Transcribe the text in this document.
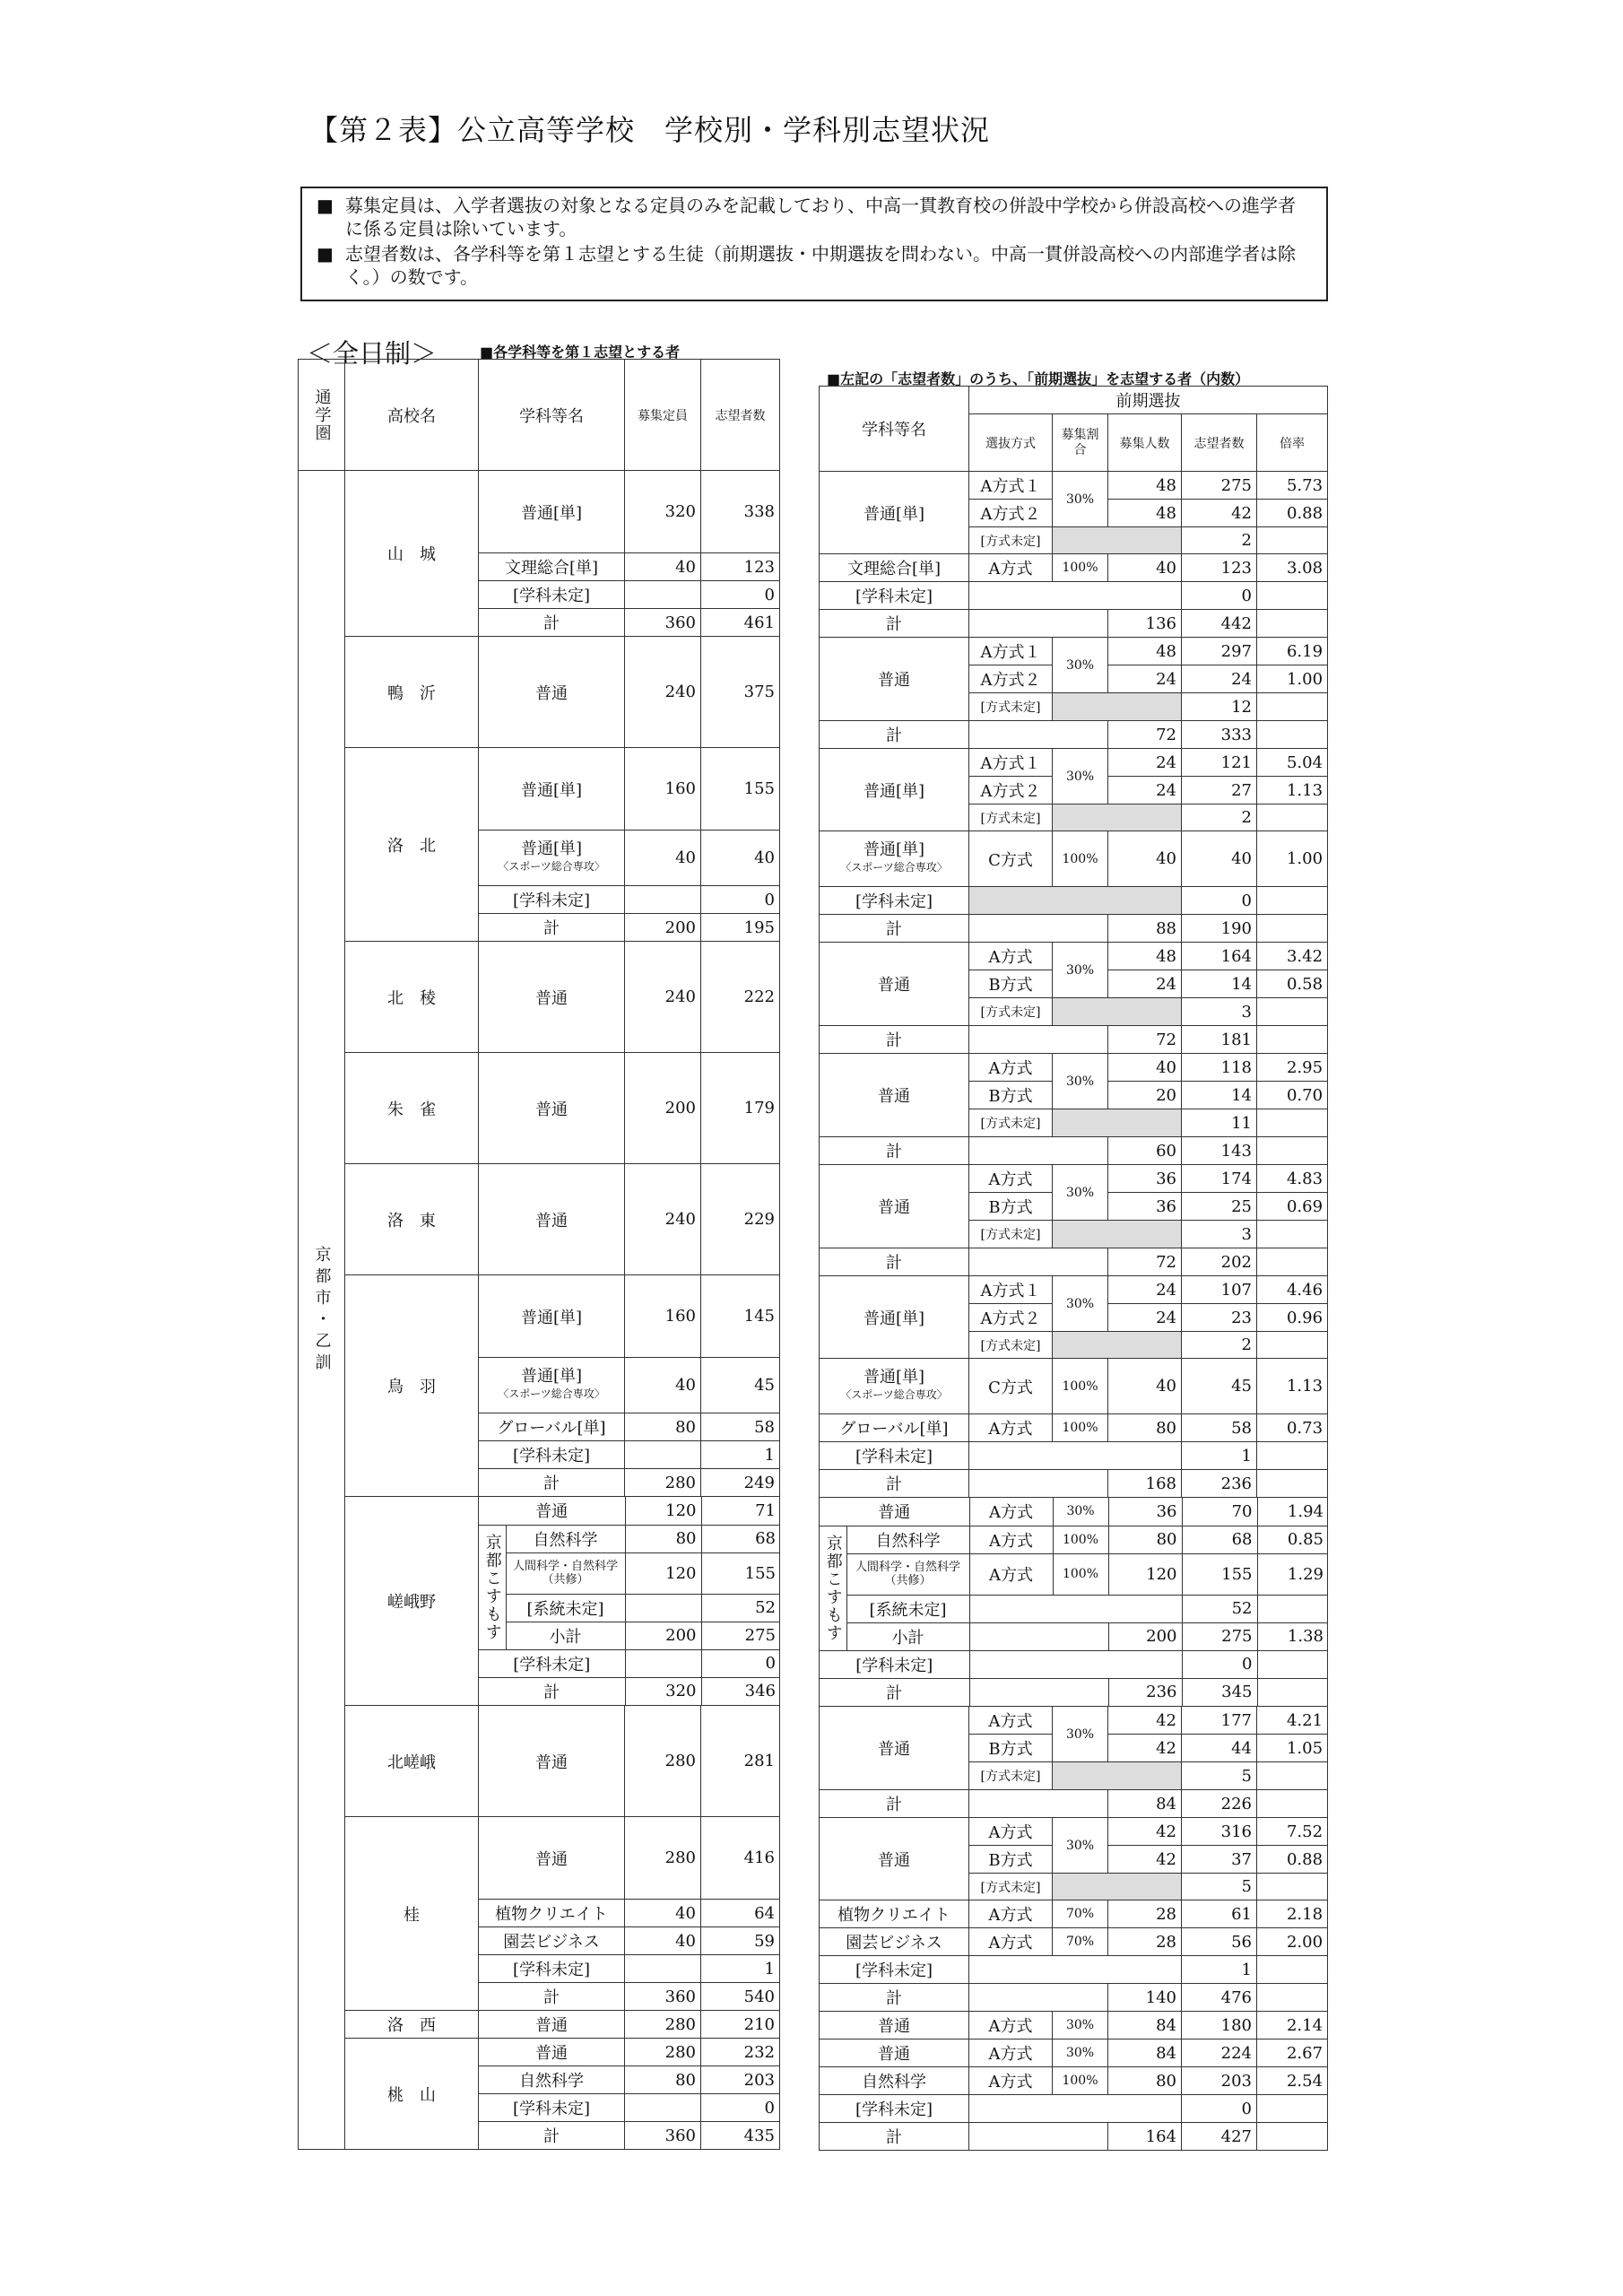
【第２表】公立高等学校　学校別・学科別志望状況

■ 募集定員は、入学者選抜の対象となる定員のみを記載しており、中高一貫教育校の併設中学校から併設高校への進学者に係る定員は除いています。

■ 志望者数は、各学科等を第１志望とする生徒（前期選抜・中期選抜を問わない。中高一貫併設高校への内部進学者は除く。）の数です。

＜全日制＞	■各学科等を第１志望とする者
■左記の「志望者数」のうち、「前期選抜」を志望する者（内数）
通学圏	高校名	学科等名	募集定員	志望者数
京都市・乙訓	山　城	普通[単]	320	338
文理総合[単]	40	123
[学科未定]		0
計	360	461
鴨　沂	普通	240	375
洛　北	普通[単]	160	155
普通[単]
〈スポーツ総合専攻〉	40	40
[学科未定]		0
計	200	195
北　稜	普通	240	222
朱　雀	普通	200	179
洛　東	普通	240	229
鳥　羽	普通[単]	160	145
普通[単]
〈スポーツ総合専攻〉	40	45
グローバル[単]	80	58
[学科未定]		1
計	280	249
嵯峨野	
普通	120	71
京都こすもす	自然科学	80	68
人間科学・自然科学（共修）	120	155
[系統未定]		52
小計	200	275
[学科未定]		0
計	320	346

北嵯峨	普通	280	281
桂	普通	280	416
植物クリエイト	40	64
園芸ビジネス	40	59
[学科未定]		1
計	360	540
洛　西	普通	280	210
桃　山	普通	280	232
自然科学	80	203
[学科未定]		0
計	360	435
学科等名	前期選抜
選抜方式	募集割合	募集人数	志望者数	倍率
普通[単]	A方式１	30%	48	275	5.73
A方式２	48	42	0.88
[方式未定]		2	
文理総合[単]	A方式	100%	40	123	3.08
[学科未定]		0	
計		136	442	
普通	A方式１	30%	48	297	6.19
A方式２	24	24	1.00
[方式未定]		12	
計		72	333	
普通[単]	A方式１	30%	24	121	5.04
A方式２	24	27	1.13
[方式未定]		2	
普通[単]
〈スポーツ総合専攻〉	C方式	100%	40	40	1.00
[学科未定]		0	
計		88	190	
普通	A方式	30%	48	164	3.42
B方式	24	14	0.58
[方式未定]		3	
計		72	181	
普通	A方式	30%	40	118	2.95
B方式	20	14	0.70
[方式未定]		11	
計		60	143	
普通	A方式	30%	36	174	4.83
B方式	36	25	0.69
[方式未定]		3	
計		72	202	
普通[単]	A方式１	30%	24	107	4.46
A方式２	24	23	0.96
[方式未定]		2	
普通[単]
〈スポーツ総合専攻〉	C方式	100%	40	45	1.13
グローバル[単]	A方式	100%	80	58	0.73
[学科未定]		1	
計		168	236	

普通	A方式	30%	36	70	1.94
京都こすもす	自然科学	A方式	100%	80	68	0.85
人間科学・自然科学（共修）	A方式	100%	120	155	1.29
[系統未定]		52	
小計		200	275	1.38
[学科未定]		0	
計		236	345	

普通	A方式	30%	42	177	4.21
B方式	42	44	1.05
[方式未定]		5	
計		84	226	
普通	A方式	30%	42	316	7.52
B方式	42	37	0.88
[方式未定]		5	
植物クリエイト	A方式	70%	28	61	2.18
園芸ビジネス	A方式	70%	28	56	2.00
[学科未定]		1	
計		140	476	
普通	A方式	30%	84	180	2.14
普通	A方式	30%	84	224	2.67
自然科学	A方式	100%	80	203	2.54
[学科未定]		0	
計		164	427	
